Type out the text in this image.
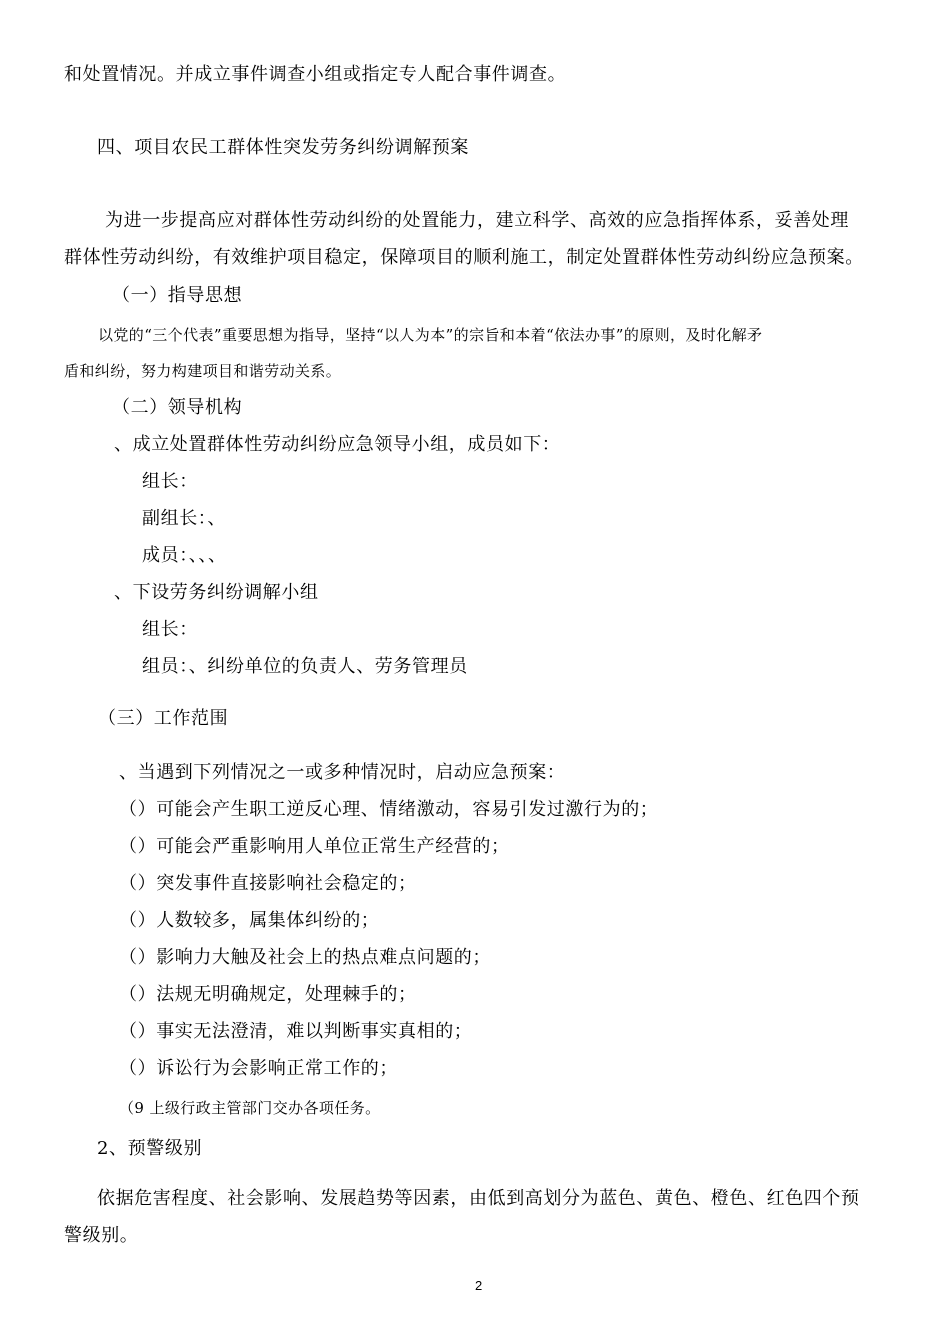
和处置情况。并成立事件调查小组或指定专人配合事件调查。
四、项目农民工群体性突发劳务纠纷调解预案
为进一步提高应对群体性劳动纠纷的处置能力，建立科学、高效的应急指挥体系，妥善处理
群体性劳动纠纷，有效维护项目稳定，保障项目的顺利施工，制定处置群体性劳动纠纷应急预案。
（一）指导思想
以党的“三个代表”重要思想为指导，坚持“以人为本”的宗旨和本着“依法办事”的原则，及时化解矛
盾和纠纷，努力构建项目和谐劳动关系。
（二）领导机构
、成立处置群体性劳动纠纷应急领导小组，成员如下：
组长：
副组长：、
成员：、、、
、下设劳务纠纷调解小组
组长：
组员：、纠纷单位的负责人、劳务管理员
（三）工作范围
、当遇到下列情况之一或多种情况时，启动应急预案：
（）可能会产生职工逆反心理、情绪激动，容易引发过激行为的；
（）可能会严重影响用人单位正常生产经营的；
（）突发事件直接影响社会稳定的；
（）人数较多，属集体纠纷的；
（）影响力大触及社会上的热点难点问题的；
（）法规无明确规定，处理棘手的；
（）事实无法澄清，难以判断事实真相的；
（）诉讼行为会影响正常工作的；
（9 上级行政主管部门交办各项任务。
2、预警级别
依据危害程度、社会影响、发展趋势等因素，由低到高划分为蓝色、黄色、橙色、红色四个预
警级别。
2
